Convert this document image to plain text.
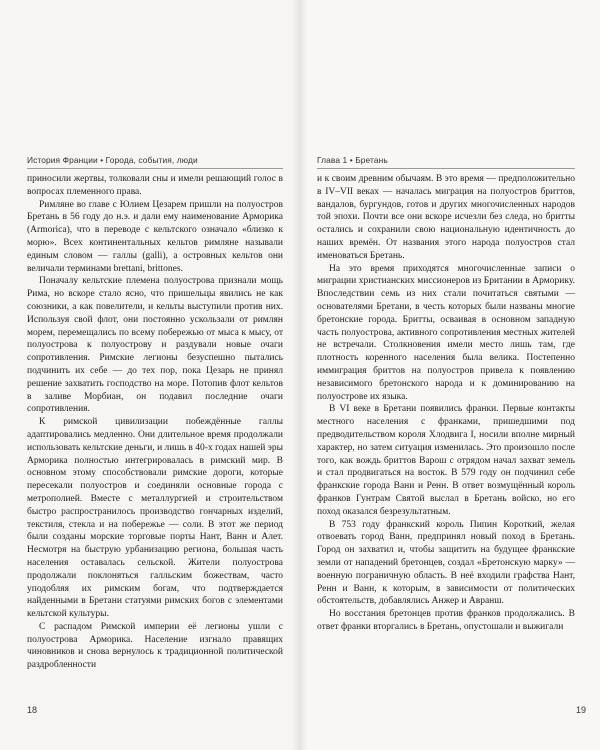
История Франции • Города, события, люди

приносили жертвы, толковали сны и имели решающий голос в вопросах племенного права.

Римляне во главе с Юлием Цезарем пришли на полуостров Бретань в 56 году до н.э. и дали ему наименование Арморика (Armorica), что в переводе с кельтского означало «близко к морю». Всех континентальных кельтов римляне называли единым словом — галлы (galli), а островных кельтов они величали терминами brettani, brittones.

Поначалу кельтские племена полуострова признали мощь Рима, но вскоре стало ясно, что пришельцы явились не как союзники, а как повелители, и кельты выступили против них. Используя свой флот, они постоянно ускользали от римлян морем, перемещались по всему побережью от мыса к мысу, от полуострова к полуострову и раздували новые очаги сопротивления. Римские легионы безуспешно пытались подчинить их себе — до тех пор, пока Цезарь не принял решение захватить господство на море. Потопив флот кельтов в заливе Морбиан, он подавил последние очаги сопротивления.

К римской цивилизации побеждённые галлы адаптировались медленно. Они длительное время продолжали использовать кельтские деньги, и лишь в 40-х годах нашей эры Арморика полностью интегрировалась в римский мир. В основном этому способствовали римские дороги, которые пересекали полуостров и соединяли основные города с метрополией. Вместе с металлургией и строительством быстро распространилось производство гончарных изделий, текстиля, стекла и на побережье — соли. В этот же период были созданы морские торговые порты Нант, Ванн и Алет. Несмотря на быструю урбанизацию региона, большая часть населения оставалась сельской. Жители полуострова продолжали поклоняться галльским божествам, часто уподобляя их римским богам, что подтверждается найденными в Бретани статуями римских богов с элементами кельтской культуры.

С распадом Римской империи её легионы ушли с полуострова Арморика. Население изгнало правящих чиновников и снова вернулось к традиционной политической раздробленности

18
Глава 1 • Бретань

и к своим древним обычаям. В это время — предположительно в IV–VII веках — началась миграция на полуостров бриттов, вандалов, бургундов, готов и других многочисленных народов той эпохи. Почти все они вскоре исчезли без следа, но бритты остались и сохранили свою национальную идентичность до наших времён. От названия этого народа полуостров стал именоваться Бретань.

На это время приходятся многочисленные записи о миграции христианских миссионеров из Британии в Арморику. Впоследствии семь из них стали почитаться святыми — основателями Бретани, в честь которых были названы многие бретонские города. Бритты, осваивая в основном западную часть полуострова, активного сопротивления местных жителей не встречали. Столкновения имели место лишь там, где плотность коренного населения была велика. Постепенно иммиграция бриттов на полуостров привела к появлению независимого бретонского народа и к доминированию на полуострове их языка.

В VI веке в Бретани появились франки. Первые контакты местного населения с франками, пришедшими под предводительством короля Хлодвига I, носили вполне мирный характер, но затем ситуация изменилась. Это произошло после того, как вождь бриттов Варош с отрядом начал захват земель и стал продвигаться на восток. В 579 году он подчинил себе франкские города Вани и Ренн. В ответ возмущённый король франков Гунтрам Святой выслал в Бретань войско, но его поход оказался безрезультатным.

В 753 году франкский король Пипин Короткий, желая отвоевать город Ванн, предпринял новый поход в Бретань. Город он захватил и, чтобы защитить на будущее франкские земли от нападений бретонцев, создал «Бретонскую марку» — военную пограничную область. В неё входили графства Нант, Ренн и Ванн, к которым, в зависимости от политических обстоятельств, добавлялись Анжер и Авранш.

Но восстания бретонцев против франков продолжались. В ответ франки вторгались в Бретань, опустошали и выжигали

19
